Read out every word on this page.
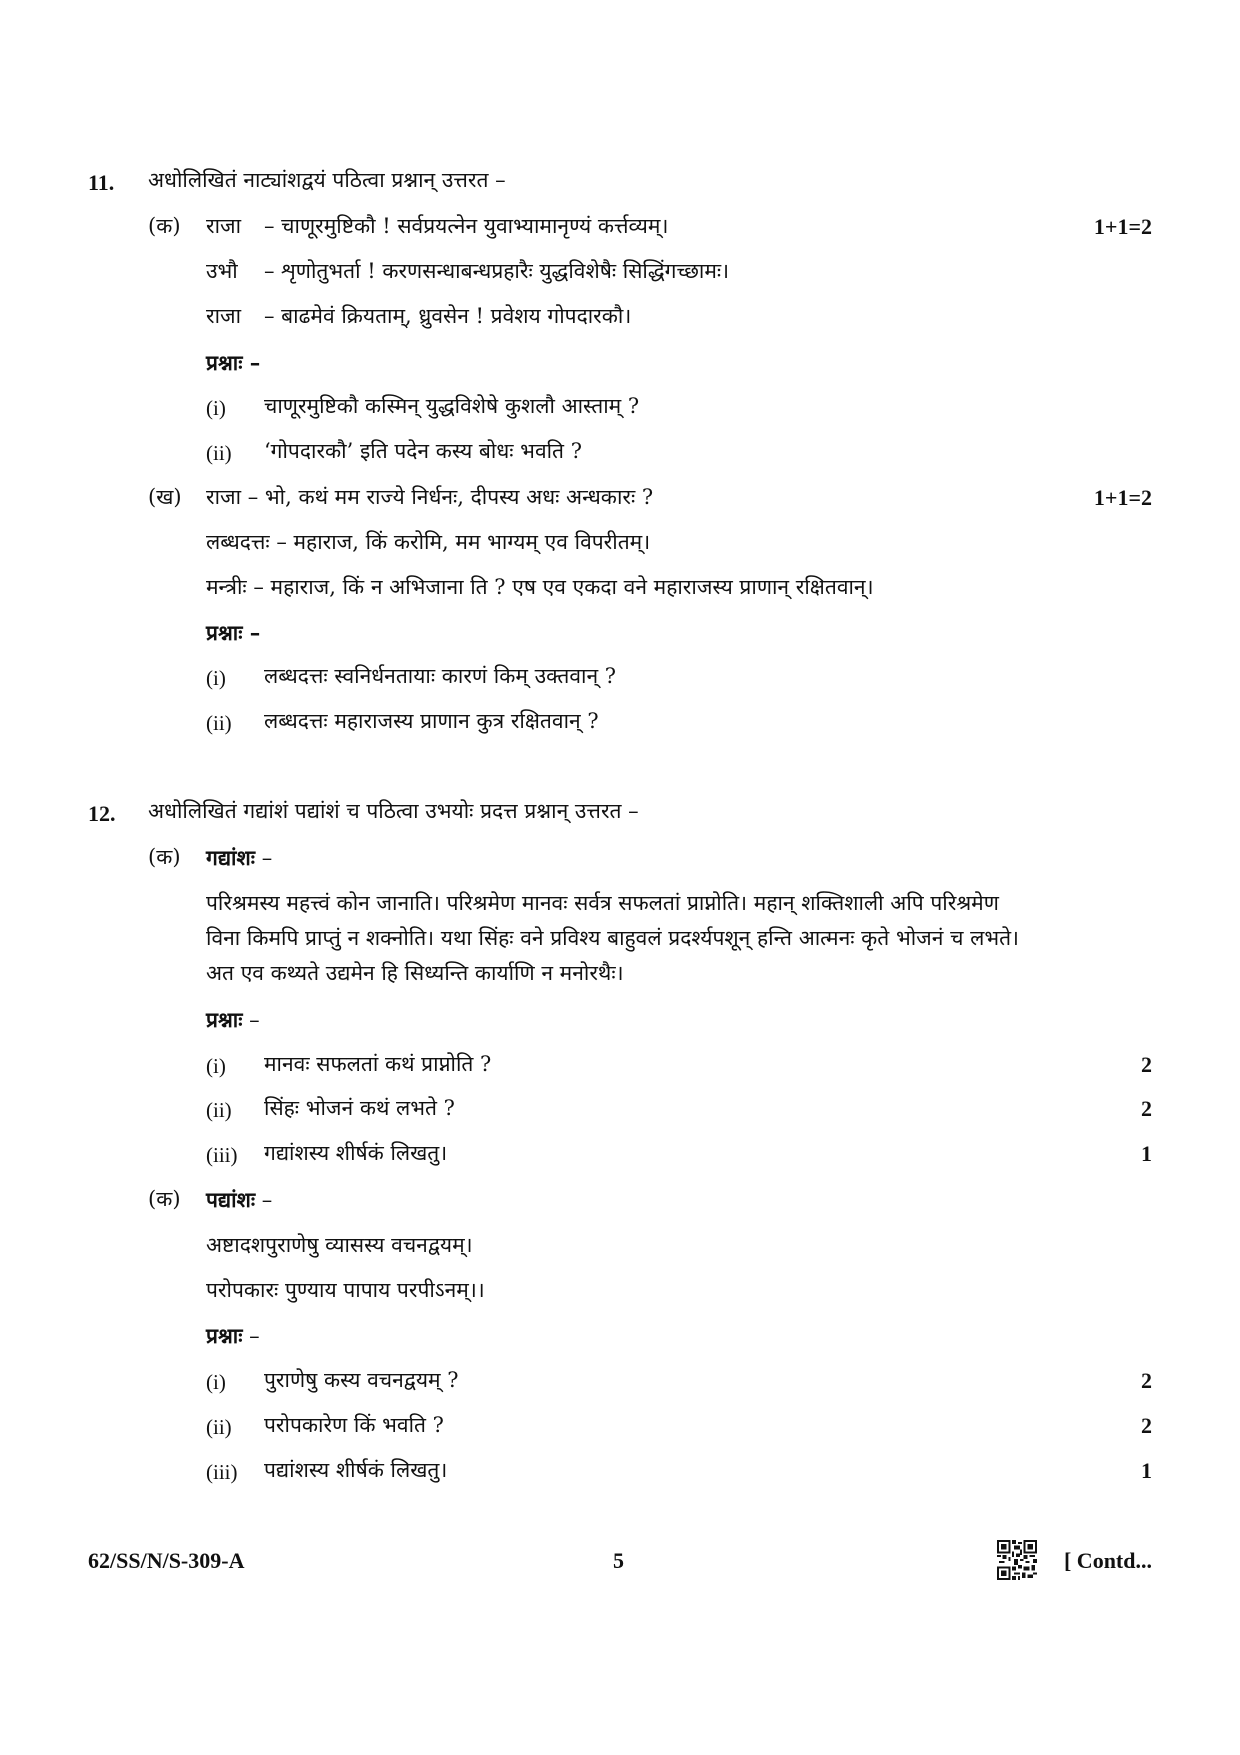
11. अधोलिखितं नाट्यांशद्वयं पठित्वा प्रश्नान् उत्तरत –
(क) राजा – चाणूरमुष्टिकौ ! सर्वप्रयत्नेन युवाभ्यामानृण्यं कर्त्तव्यम्।	1+1=2
उभौ – शृणोतुभर्ता ! करणसन्धाबन्धप्रहारैः युद्धविशेषैः सिद्धिंगच्छामः।
राजा – बाढमेवं क्रियताम्, ध्रुवसेन ! प्रवेशय गोपदारकौ।
प्रश्नाः –
(i) चाणूरमुष्टिकौ कस्मिन् युद्धविशेषे कुशलौ आस्ताम् ?
(ii) ‘गोपदारकौ’ इति पदेन कस्य बोधः भवति ?
(ख) राजा – भो, कथं मम राज्ये निर्धनः, दीपस्य अधः अन्धकारः ?	1+1=2
लब्धदत्तः – महाराज, किं करोमि, मम भाग्यम् एव विपरीतम्।
मन्त्रीः – महाराज, किं न अभिजाना ति ? एष एव एकदा वने महाराजस्य प्राणान् रक्षितवान्।
प्रश्नाः –
(i) लब्धदत्तः स्वनिर्धनतायाः कारणं किम् उक्तवान् ?
(ii) लब्धदत्तः महाराजस्य प्राणान कुत्र रक्षितवान् ?
12. अधोलिखितं गद्यांशं पद्यांशं च पठित्वा उभयोः प्रदत्त प्रश्नान् उत्तरत –
(क) गद्यांशः –
परिश्रमस्य महत्त्वं कोन जानाति। परिश्रमेण मानवः सर्वत्र सफलतां प्राप्नोति। महान् शक्तिशाली अपि परिश्रमेण
विना किमपि प्राप्तुं न शक्नोति। यथा सिंहः वने प्रविश्य बाहुवलं प्रदर्श्यपशून् हन्ति आत्मनः कृते भोजनं च लभते।
अत एव कथ्यते उद्यमेन हि सिध्यन्ति कार्याणि न मनोरथैः।
प्रश्नाः –
(i) मानवः सफलतां कथं प्राप्नोति ?	2
(ii) सिंहः भोजनं कथं लभते ?	2
(iii) गद्यांशस्य शीर्षकं लिखतु।	1
(क) पद्यांशः –
अष्टादशपुराणेषु व्यासस्य वचनद्वयम्।
परोपकारः पुण्याय पापाय परपीऽनम्।।
प्रश्नाः –
(i) पुराणेषु कस्य वचनद्वयम् ?	2
(ii) परोपकारेण किं भवति ?	2
(iii) पद्यांशस्य शीर्षकं लिखतु।	1
62/SS/N/S-309-A	5	[ Contd...
